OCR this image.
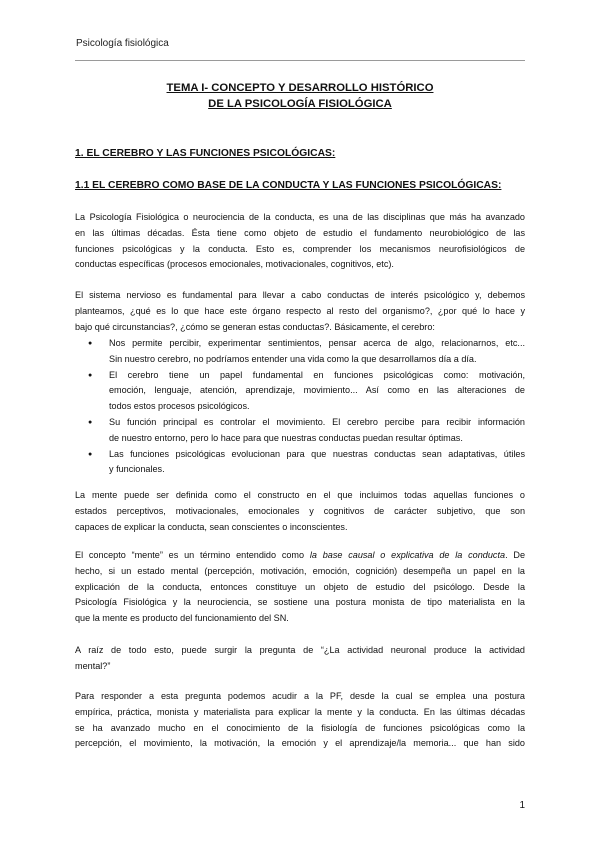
Psicología fisiológica
TEMA I- CONCEPTO Y DESARROLLO HISTÓRICO
DE LA PSICOLOGÍA FISIOLÓGICA
1. EL CEREBRO Y LAS FUNCIONES PSICOLÓGICAS:
1.1 EL CEREBRO COMO BASE DE LA CONDUCTA Y LAS FUNCIONES PSICOLÓGICAS:
La Psicología Fisiológica o neurociencia de la conducta, es una de las disciplinas que más ha avanzado
en las últimas décadas. Ésta tiene como objeto de estudio el fundamento neurobiológico de las
funciones psicológicas y la conducta. Esto es, comprender los mecanismos neurofisiológicos de
conductas específicas (procesos emocionales, motivacionales, cognitivos, etc).
El sistema nervioso es fundamental para llevar a cabo conductas de interés psicológico y, debemos
planteamos, ¿qué es lo que hace este órgano respecto al resto del organismo?, ¿por qué lo hace y
bajo qué circunstancias?, ¿cómo se generan estas conductas?. Básicamente, el cerebro:
● Nos permite percibir, experimentar sentimientos, pensar acerca de algo, relacionarnos, etc...
Sin nuestro cerebro, no podríamos entender una vida como la que desarrollamos día a día.
● El cerebro tiene un papel fundamental en funciones psicológicas como: motivación,
emoción, lenguaje, atención, aprendizaje, movimiento... Así como en las alteraciones de
todos estos procesos psicológicos.
● Su función principal es controlar el movimiento. El cerebro percibe para recibir información
de nuestro entorno, pero lo hace para que nuestras conductas puedan resultar óptimas.
● Las funciones psicológicas evolucionan para que nuestras conductas sean adaptativas, útiles
y funcionales.
La mente puede ser definida como el constructo en el que incluimos todas aquellas funciones o
estados perceptivos, motivacionales, emocionales y cognitivos de carácter subjetivo, que son
capaces de explicar la conducta, sean conscientes o inconscientes.
El concepto “mente” es un término entendido como la base causal o explicativa de la conducta. De
hecho, si un estado mental (percepción, motivación, emoción, cognición) desempeña un papel en la
explicación de la conducta, entonces constituye un objeto de estudio del psicólogo. Desde la
Psicología Fisiológica y la neurociencia, se sostiene una postura monista de tipo materialista en la
que la mente es producto del funcionamiento del SN.
A raíz de todo esto, puede surgir la pregunta de “¿La actividad neuronal produce la actividad
mental?”
Para responder a esta pregunta podemos acudir a la PF, desde la cual se emplea una postura
empírica, práctica, monista y materialista para explicar la mente y la conducta. En las últimas décadas
se ha avanzado mucho en el conocimiento de la fisiología de funciones psicológicas como la
percepción, el movimiento, la motivación, la emoción y el aprendizaje/la memoria... que han sido
1
